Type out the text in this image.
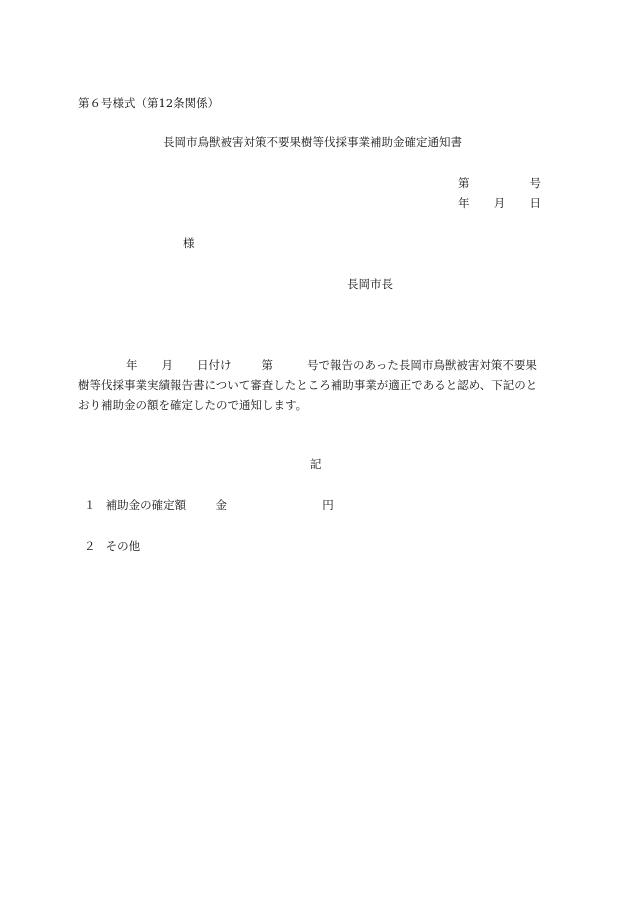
第６号様式（第12条関係）
長岡市鳥獣被害対策不要果樹等伐採事業補助金確定通知書
第	号
年 月 日
様
長岡市長
年 月 日付け	第	号で報告のあった長岡市鳥獣被害対策不要果
樹等伐採事業実績報告書について審査したところ補助事業が適正であると認め、下記のと
おり補助金の額を確定したので通知します。
記
１ 補助金の確定額	金	円
２ その他
